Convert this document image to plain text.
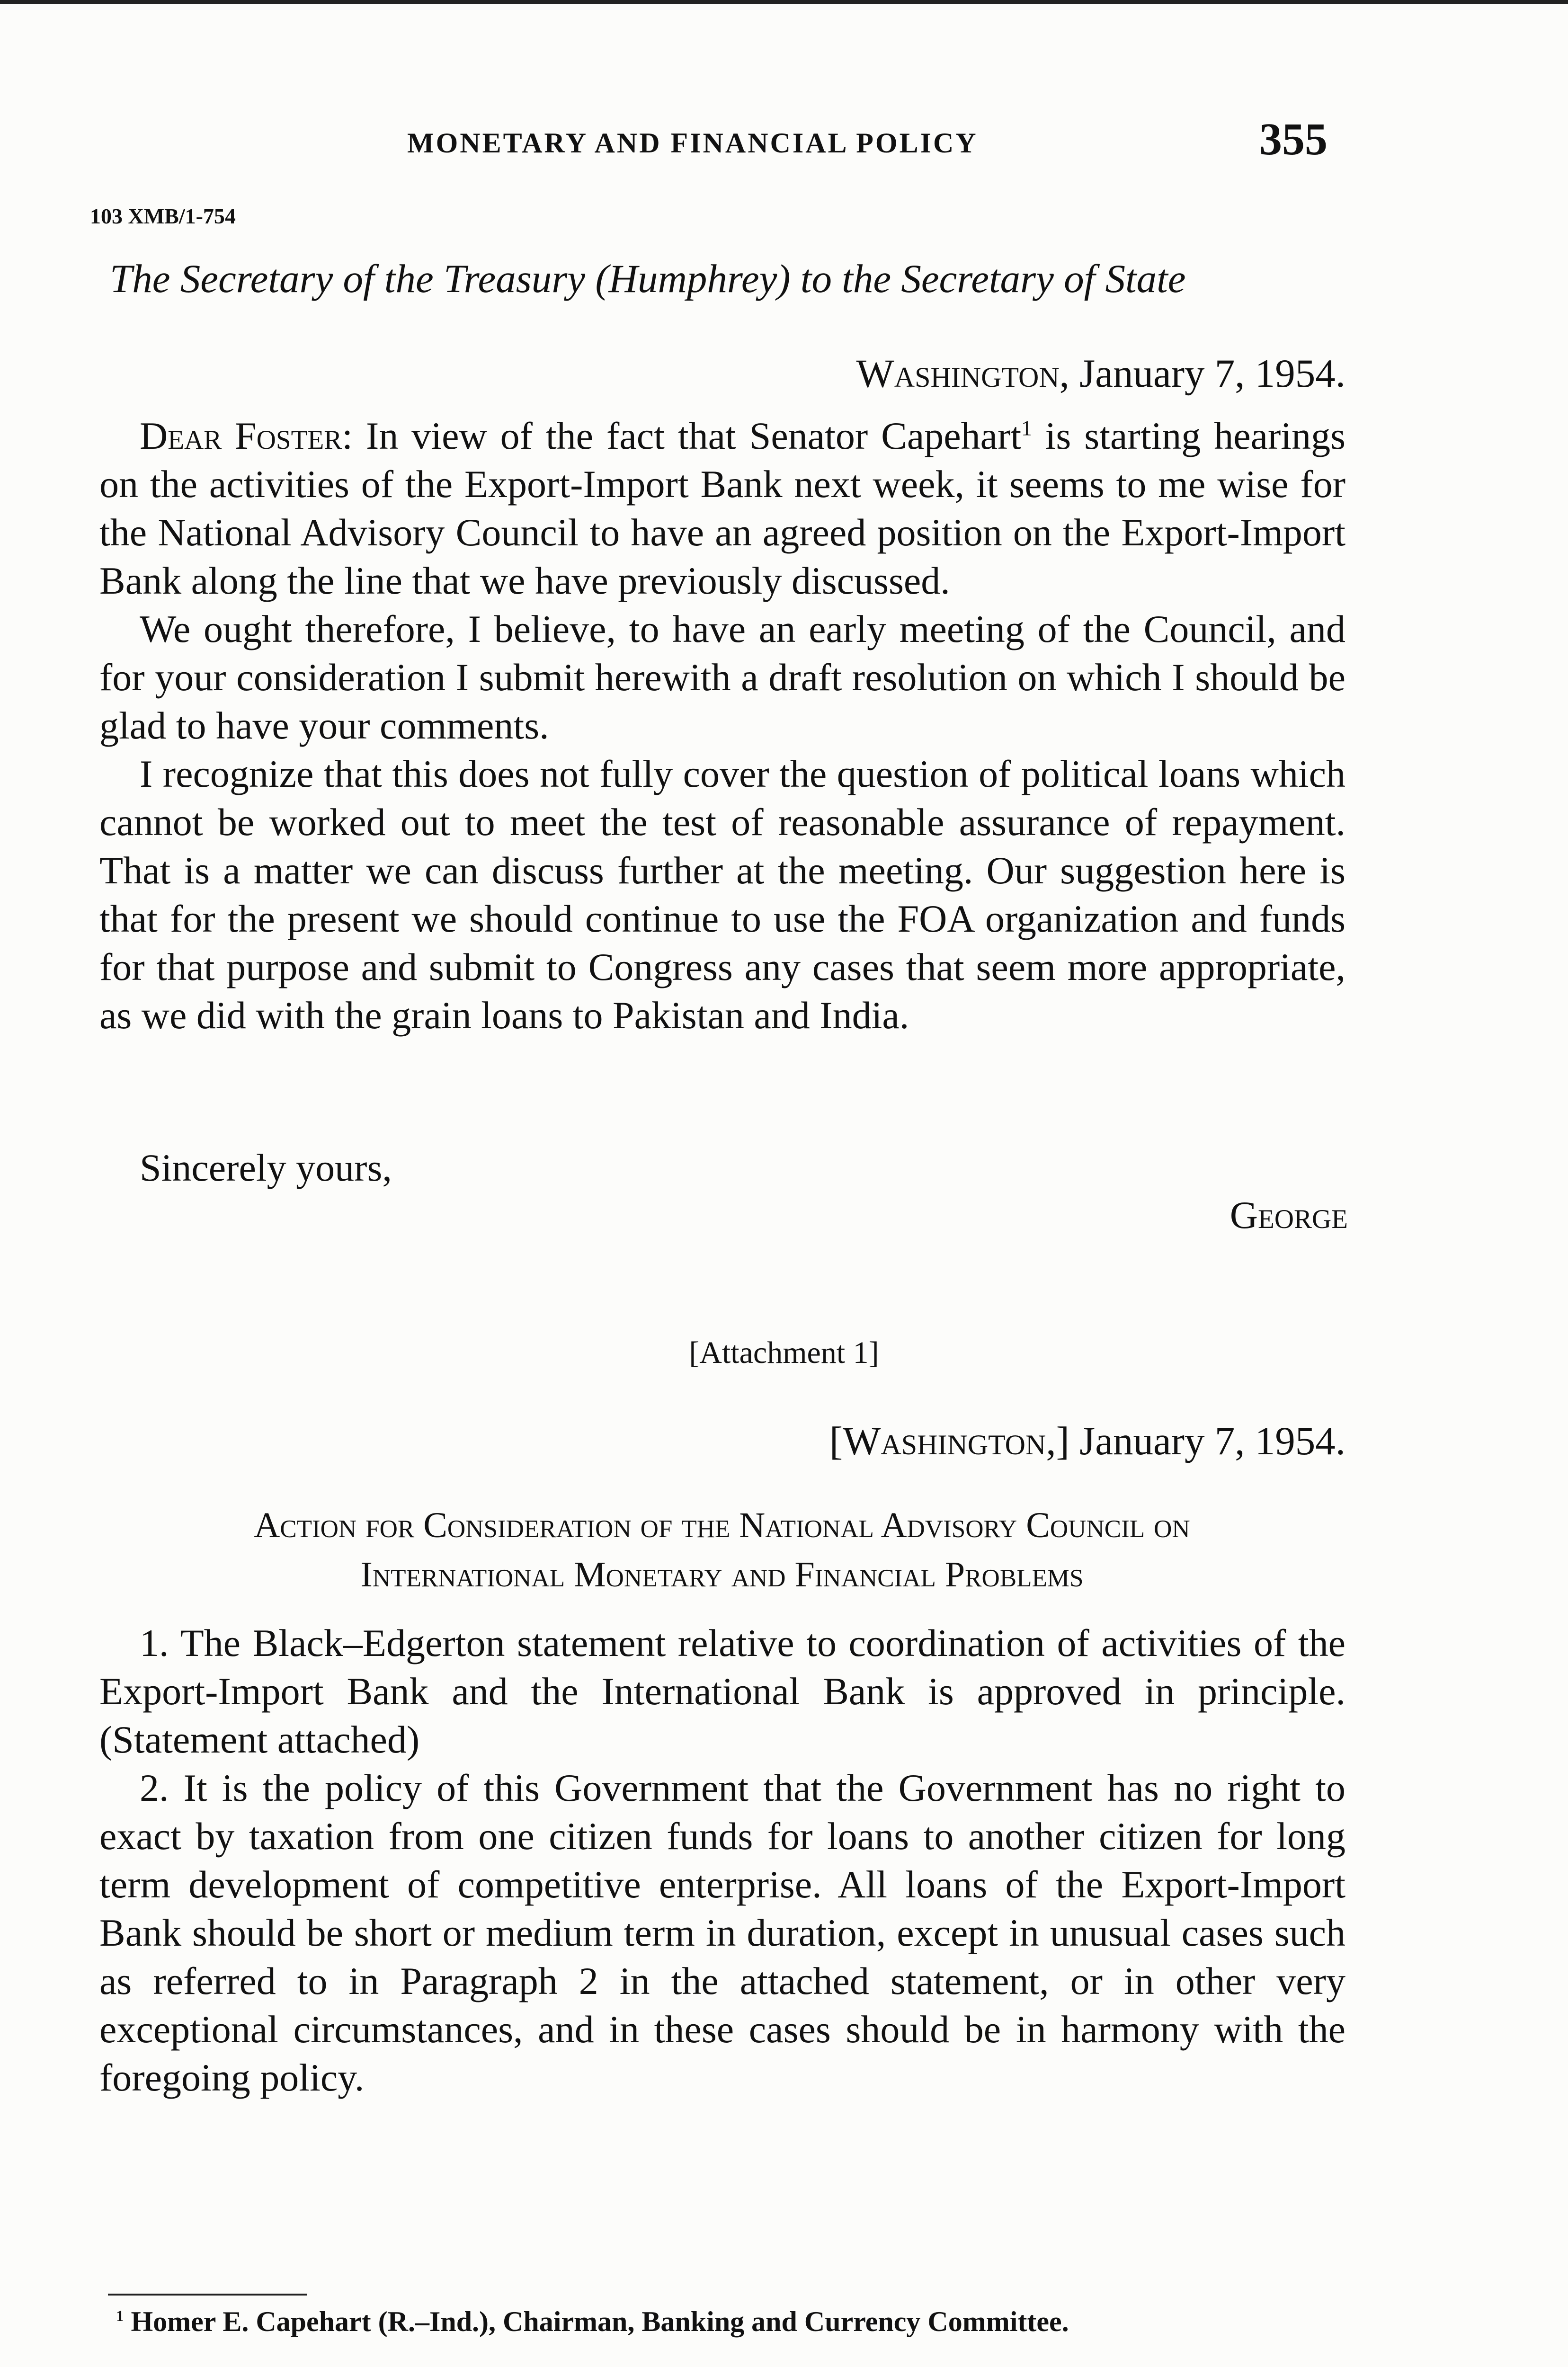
MONETARY AND FINANCIAL POLICY	355
103 XMB/1-754
The Secretary of the Treasury (Humphrey) to the Secretary of State
Washington, January 7, 1954.

Dear Foster: In view of the fact that Senator Capehart$^1$ is starting hearings on the activities of the Export-Import Bank next week, it seems to me wise for the National Advisory Council to have an agreed position on the Export-Import Bank along the line that we have previously discussed.

We ought therefore, I believe, to have an early meeting of the Council, and for your consideration I submit herewith a draft resolution on which I should be glad to have your comments.

I recognize that this does not fully cover the question of political loans which cannot be worked out to meet the test of reasonable assurance of repayment. That is a matter we can discuss further at the meeting. Our suggestion here is that for the present we should continue to use the FOA organization and funds for that purpose and submit to Congress any cases that seem more appropriate, as we did with the grain loans to Pakistan and India.

Sincerely yours,
George
[Attachment 1]
[Washington,] January 7, 1954.
Action for Consideration of the National Advisory Council on
International Monetary and Financial Problems

1. The Black–Edgerton statement relative to coordination of activities of the Export-Import Bank and the International Bank is approved in principle. (Statement attached)

2. It is the policy of this Government that the Government has no right to exact by taxation from one citizen funds for loans to another citizen for long term development of competitive enterprise. All loans of the Export-Import Bank should be short or medium term in duration, except in unusual cases such as referred to in Paragraph 2 in the attached statement, or in other very exceptional circumstances, and in these cases should be in harmony with the foregoing policy.

$^1$ Homer E. Capehart (R.–Ind.), Chairman, Banking and Currency Committee.
